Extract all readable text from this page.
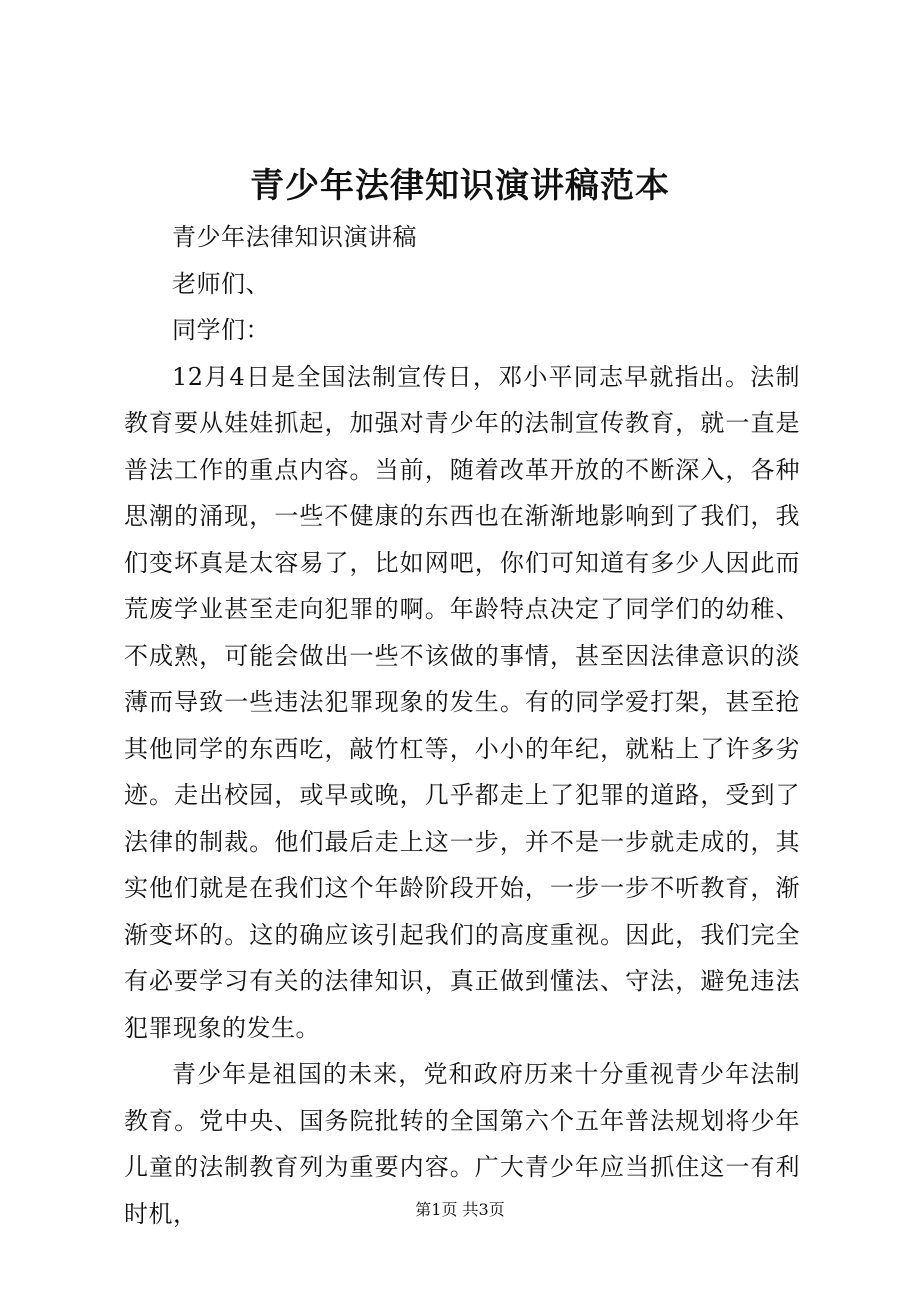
青少年法律知识演讲稿范本

青少年法律知识演讲稿

老师们、

同学们：

12月4日是全国法制宣传日，邓小平同志早就指出。法制教育要从娃娃抓起，加强对青少年的法制宣传教育，就一直是普法工作的重点内容。当前，随着改革开放的不断深入，各种思潮的涌现，一些不健康的东西也在渐渐地影响到了我们，我们变坏真是太容易了，比如网吧，你们可知道有多少人因此而荒废学业甚至走向犯罪的啊。年龄特点决定了同学们的幼稚、不成熟，可能会做出一些不该做的事情，甚至因法律意识的淡薄而导致一些违法犯罪现象的发生。有的同学爱打架，甚至抢其他同学的东西吃，敲竹杠等，小小的年纪，就粘上了许多劣迹。走出校园，或早或晚，几乎都走上了犯罪的道路，受到了法律的制裁。他们最后走上这一步，并不是一步就走成的，其实他们就是在我们这个年龄阶段开始，一步一步不听教育，渐渐变坏的。这的确应该引起我们的高度重视。因此，我们完全有必要学习有关的法律知识，真正做到懂法、守法，避免违法犯罪现象的发生。

青少年是祖国的未来，党和政府历来十分重视青少年法制教育。党中央、国务院批转的全国第六个五年普法规划将少年儿童的法制教育列为重要内容。广大青少年应当抓住这一有利时机，	第1页 共3页
